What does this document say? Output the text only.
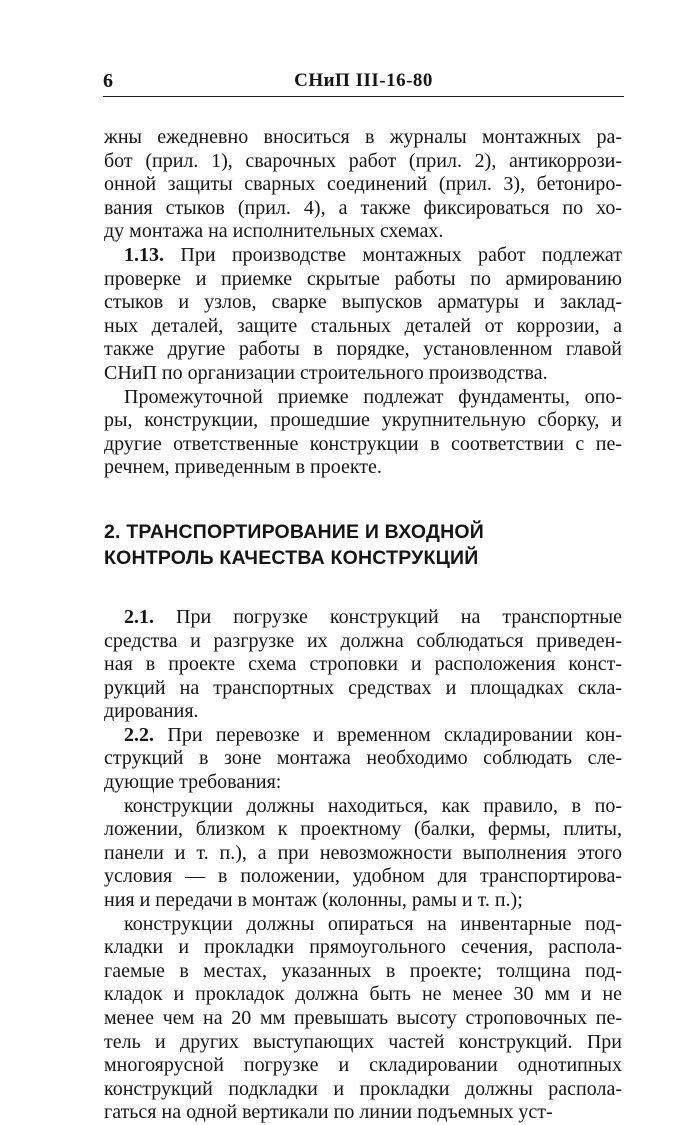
6	СНиП III-16-80

жны ежедневно вноситься в журналы монтажных ра-

бот (прил. 1), сварочных работ (прил. 2), антикоррози-

онной защиты сварных соединений (прил. 3), бетониро-

вания стыков (прил. 4), а также фиксироваться по хо-

ду монтажа на исполнительных схемах.

1.13. При производстве монтажных работ подлежат

проверке и приемке скрытые работы по армированию

стыков и узлов, сварке выпусков арматуры и заклад-

ных деталей, защите стальных деталей от коррозии, а

также другие работы в порядке, установленном главой

СНиП по организации строительного производства.

Промежуточной приемке подлежат фундаменты, опо-

ры, конструкции, прошедшие укрупнительную сборку, и

другие ответственные конструкции в соответствии с пе-

речнем, приведенным в проекте.

2. ТРАНСПОРТИРОВАНИЕ И ВХОДНОЙ
КОНТРОЛЬ КАЧЕСТВА КОНСТРУКЦИЙ

2.1. При погрузке конструкций на транспортные

средства и разгрузке их должна соблюдаться приведен-

ная в проекте схема строповки и расположения конст-

рукций на транспортных средствах и площадках скла-

дирования.

2.2. При перевозке и временном складировании кон-

струкций в зоне монтажа необходимо соблюдать сле-

дующие требования:

конструкции должны находиться, как правило, в по-

ложении, близком к проектному (балки, фермы, плиты,

панели и т. п.), а при невозможности выполнения этого

условия — в положении, удобном для транспортирова-

ния и передачи в монтаж (колонны, рамы и т. п.);

конструкции должны опираться на инвентарные под-

кладки и прокладки прямоугольного сечения, распола-

гаемые в местах, указанных в проекте; толщина под-

кладок и прокладок должна быть не менее 30 мм и не

менее чем на 20 мм превышать высоту строповочных пе-

тель и других выступающих частей конструкций. При

многоярусной погрузке и складировании однотипных

конструкций подкладки и прокладки должны распола-

гаться на одной вертикали по линии подъемных уст-
